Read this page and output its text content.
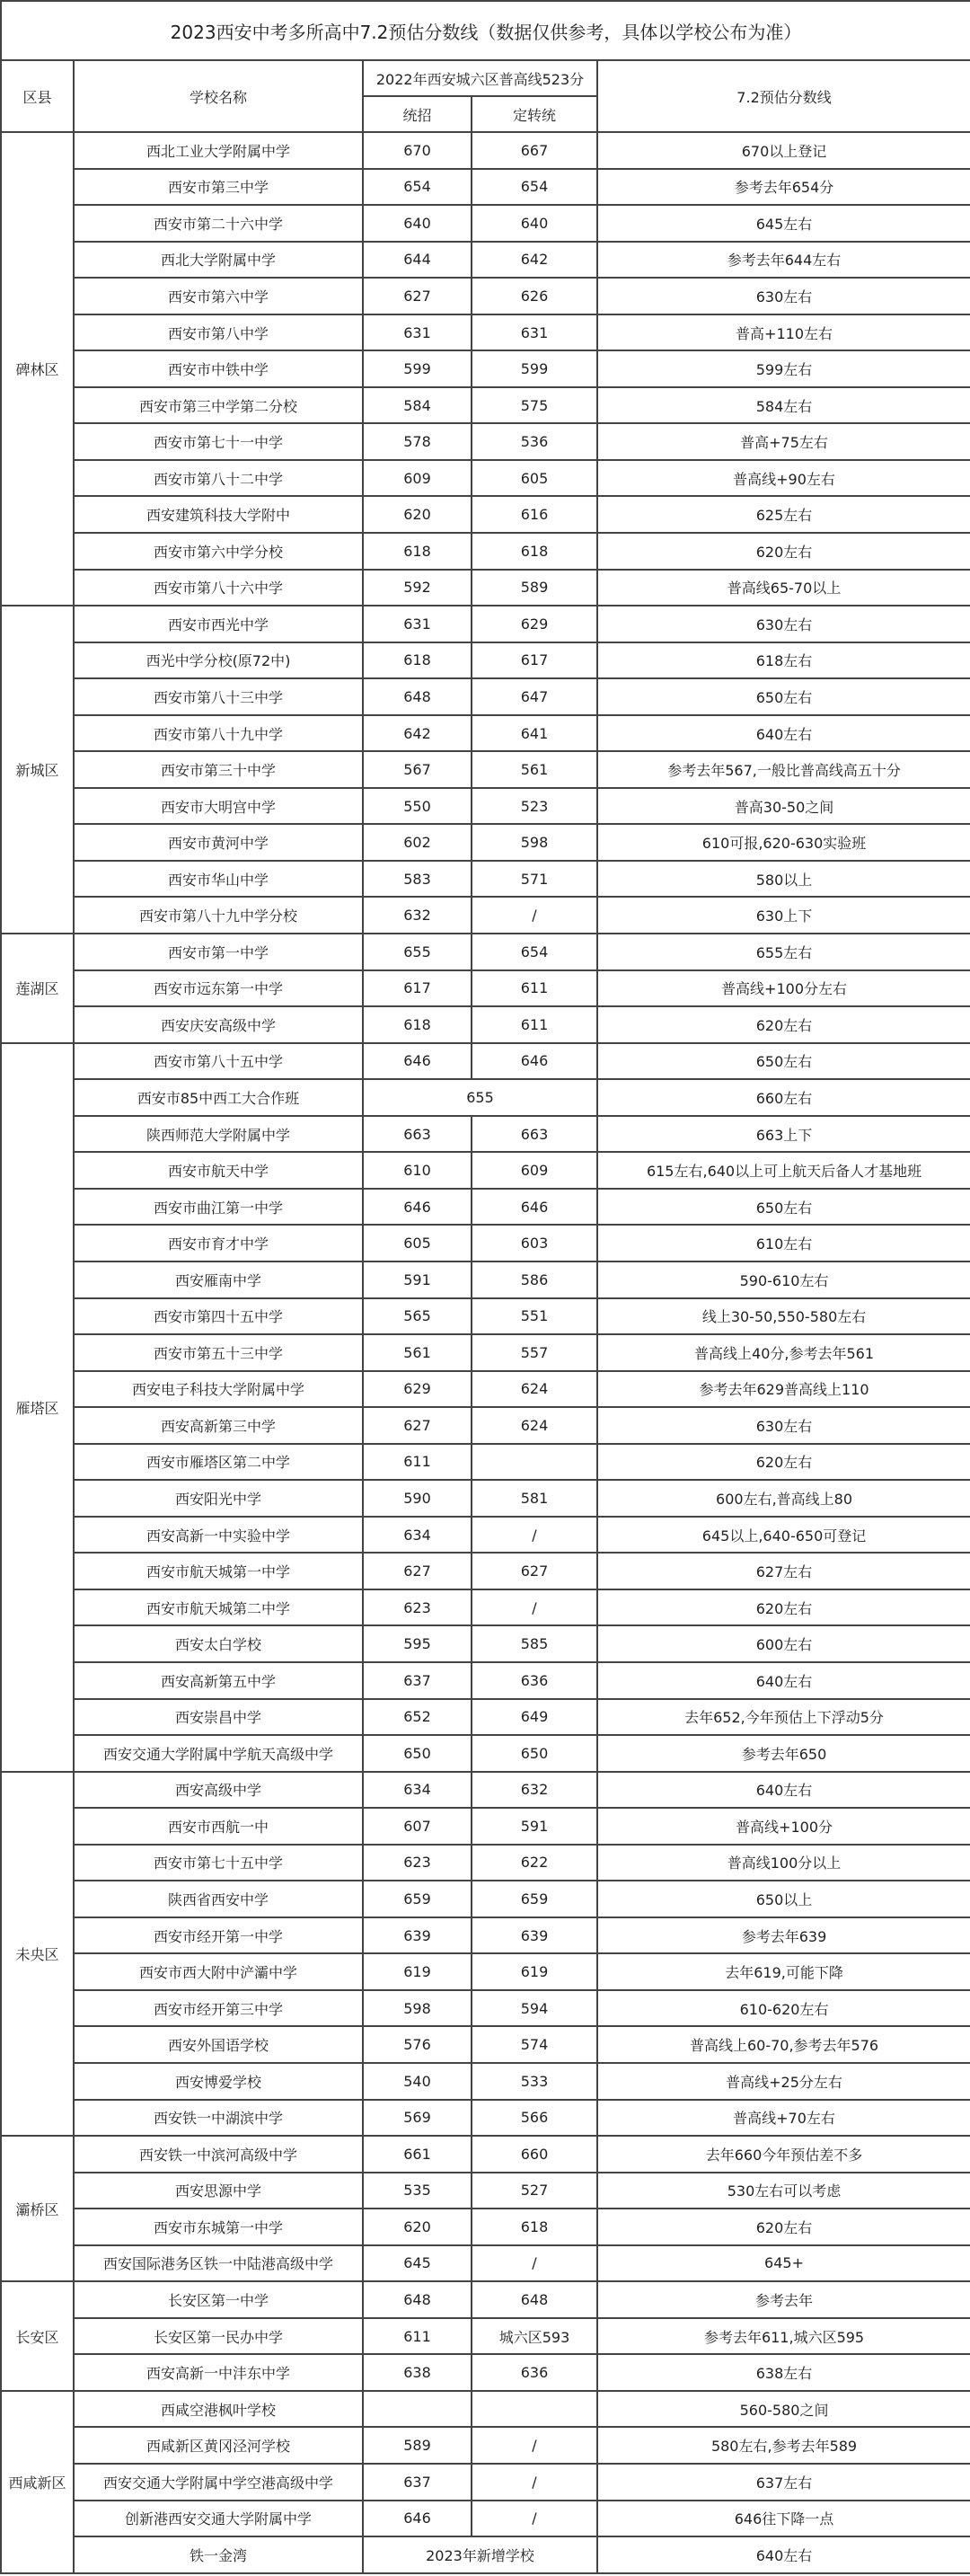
2023西安中考多所高中7.2预估分数线（数据仅供参考，具体以学校公布为准）				
区县	学校名称	2022年西安城六区普高线523分		7.2预估分数线
		统招	定转统	
碑林区	西北工业大学附属中学	670	667	670以上登记
	西安市第三中学	654	654	参考去年654分
	西安市第二十六中学	640	640	645左右
	西北大学附属中学	644	642	参考去年644左右
	西安市第六中学	627	626	630左右
	西安市第八中学	631	631	普高+110左右
	西安市中铁中学	599	599	599左右
	西安市第三中学第二分校	584	575	584左右
	西安市第七十一中学	578	536	普高+75左右
	西安市第八十二中学	609	605	普高线+90左右
	西安建筑科技大学附中	620	616	625左右
	西安市第六中学分校	618	618	620左右
	西安市第八十六中学	592	589	普高线65-70以上
新城区	西安市西光中学	631	629	630左右
	西光中学分校(原72中)	618	617	618左右
	西安市第八十三中学	648	647	650左右
	西安市第八十九中学	642	641	640左右
	西安市第三十中学	567	561	参考去年567,一般比普高线高五十分
	西安市大明宫中学	550	523	普高30-50之间
	西安市黄河中学	602	598	610可报,620-630实验班
	西安市华山中学	583	571	580以上
	西安市第八十九中学分校	632	/	630上下
莲湖区	西安市第一中学	655	654	655左右
	西安市远东第一中学	617	611	普高线+100分左右
	西安庆安高级中学	618	611	620左右
雁塔区	西安市第八十五中学	646	646	650左右
	西安市85中西工大合作班	655		660左右
	陕西师范大学附属中学	663	663	663上下
	西安市航天中学	610	609	615左右,640以上可上航天后备人才基地班
	西安市曲江第一中学	646	646	650左右
	西安市育才中学	605	603	610左右
	西安雁南中学	591	586	590-610左右
	西安市第四十五中学	565	551	线上30-50,550-580左右
	西安市第五十三中学	561	557	普高线上40分,参考去年561
	西安电子科技大学附属中学	629	624	参考去年629普高线上110
	西安高新第三中学	627	624	630左右
	西安市雁塔区第二中学	611		620左右
	西安阳光中学	590	581	600左右,普高线上80
	西安高新一中实验中学	634	/	645以上,640-650可登记
	西安市航天城第一中学	627	627	627左右
	西安市航天城第二中学	623	/	620左右
	西安太白学校	595	585	600左右
	西安高新第五中学	637	636	640左右
	西安崇昌中学	652	649	去年652,今年预估上下浮动5分
	西安交通大学附属中学航天高级中学	650	650	参考去年650
未央区	西安高级中学	634	632	640左右
	西安市西航一中	607	591	普高线+100分
	西安市第七十五中学	623	622	普高线100分以上
	陕西省西安中学	659	659	650以上
	西安市经开第一中学	639	639	参考去年639
	西安市西大附中浐灞中学	619	619	去年619,可能下降
	西安市经开第三中学	598	594	610-620左右
	西安外国语学校	576	574	普高线上60-70,参考去年576
	西安博爱学校	540	533	普高线+25分左右
	西安铁一中湖滨中学	569	566	普高线+70左右
灞桥区	西安铁一中滨河高级中学	661	660	去年660今年预估差不多
	西安思源中学	535	527	530左右可以考虑
	西安市东城第一中学	620	618	620左右
	西安国际港务区铁一中陆港高级中学	645	/	645+
长安区	长安区第一中学	648	648	参考去年
	长安区第一民办中学	611	城六区593	参考去年611,城六区595
	西安高新一中沣东中学	638	636	638左右
西咸新区	西咸空港枫叶学校			560-580之间
	西咸新区黄冈泾河学校	589	/	580左右,参考去年589
	西安交通大学附属中学空港高级中学	637	/	637左右
	创新港西安交通大学附属中学	646	/	646往下降一点
	铁一金湾	2023年新增学校		640左右
